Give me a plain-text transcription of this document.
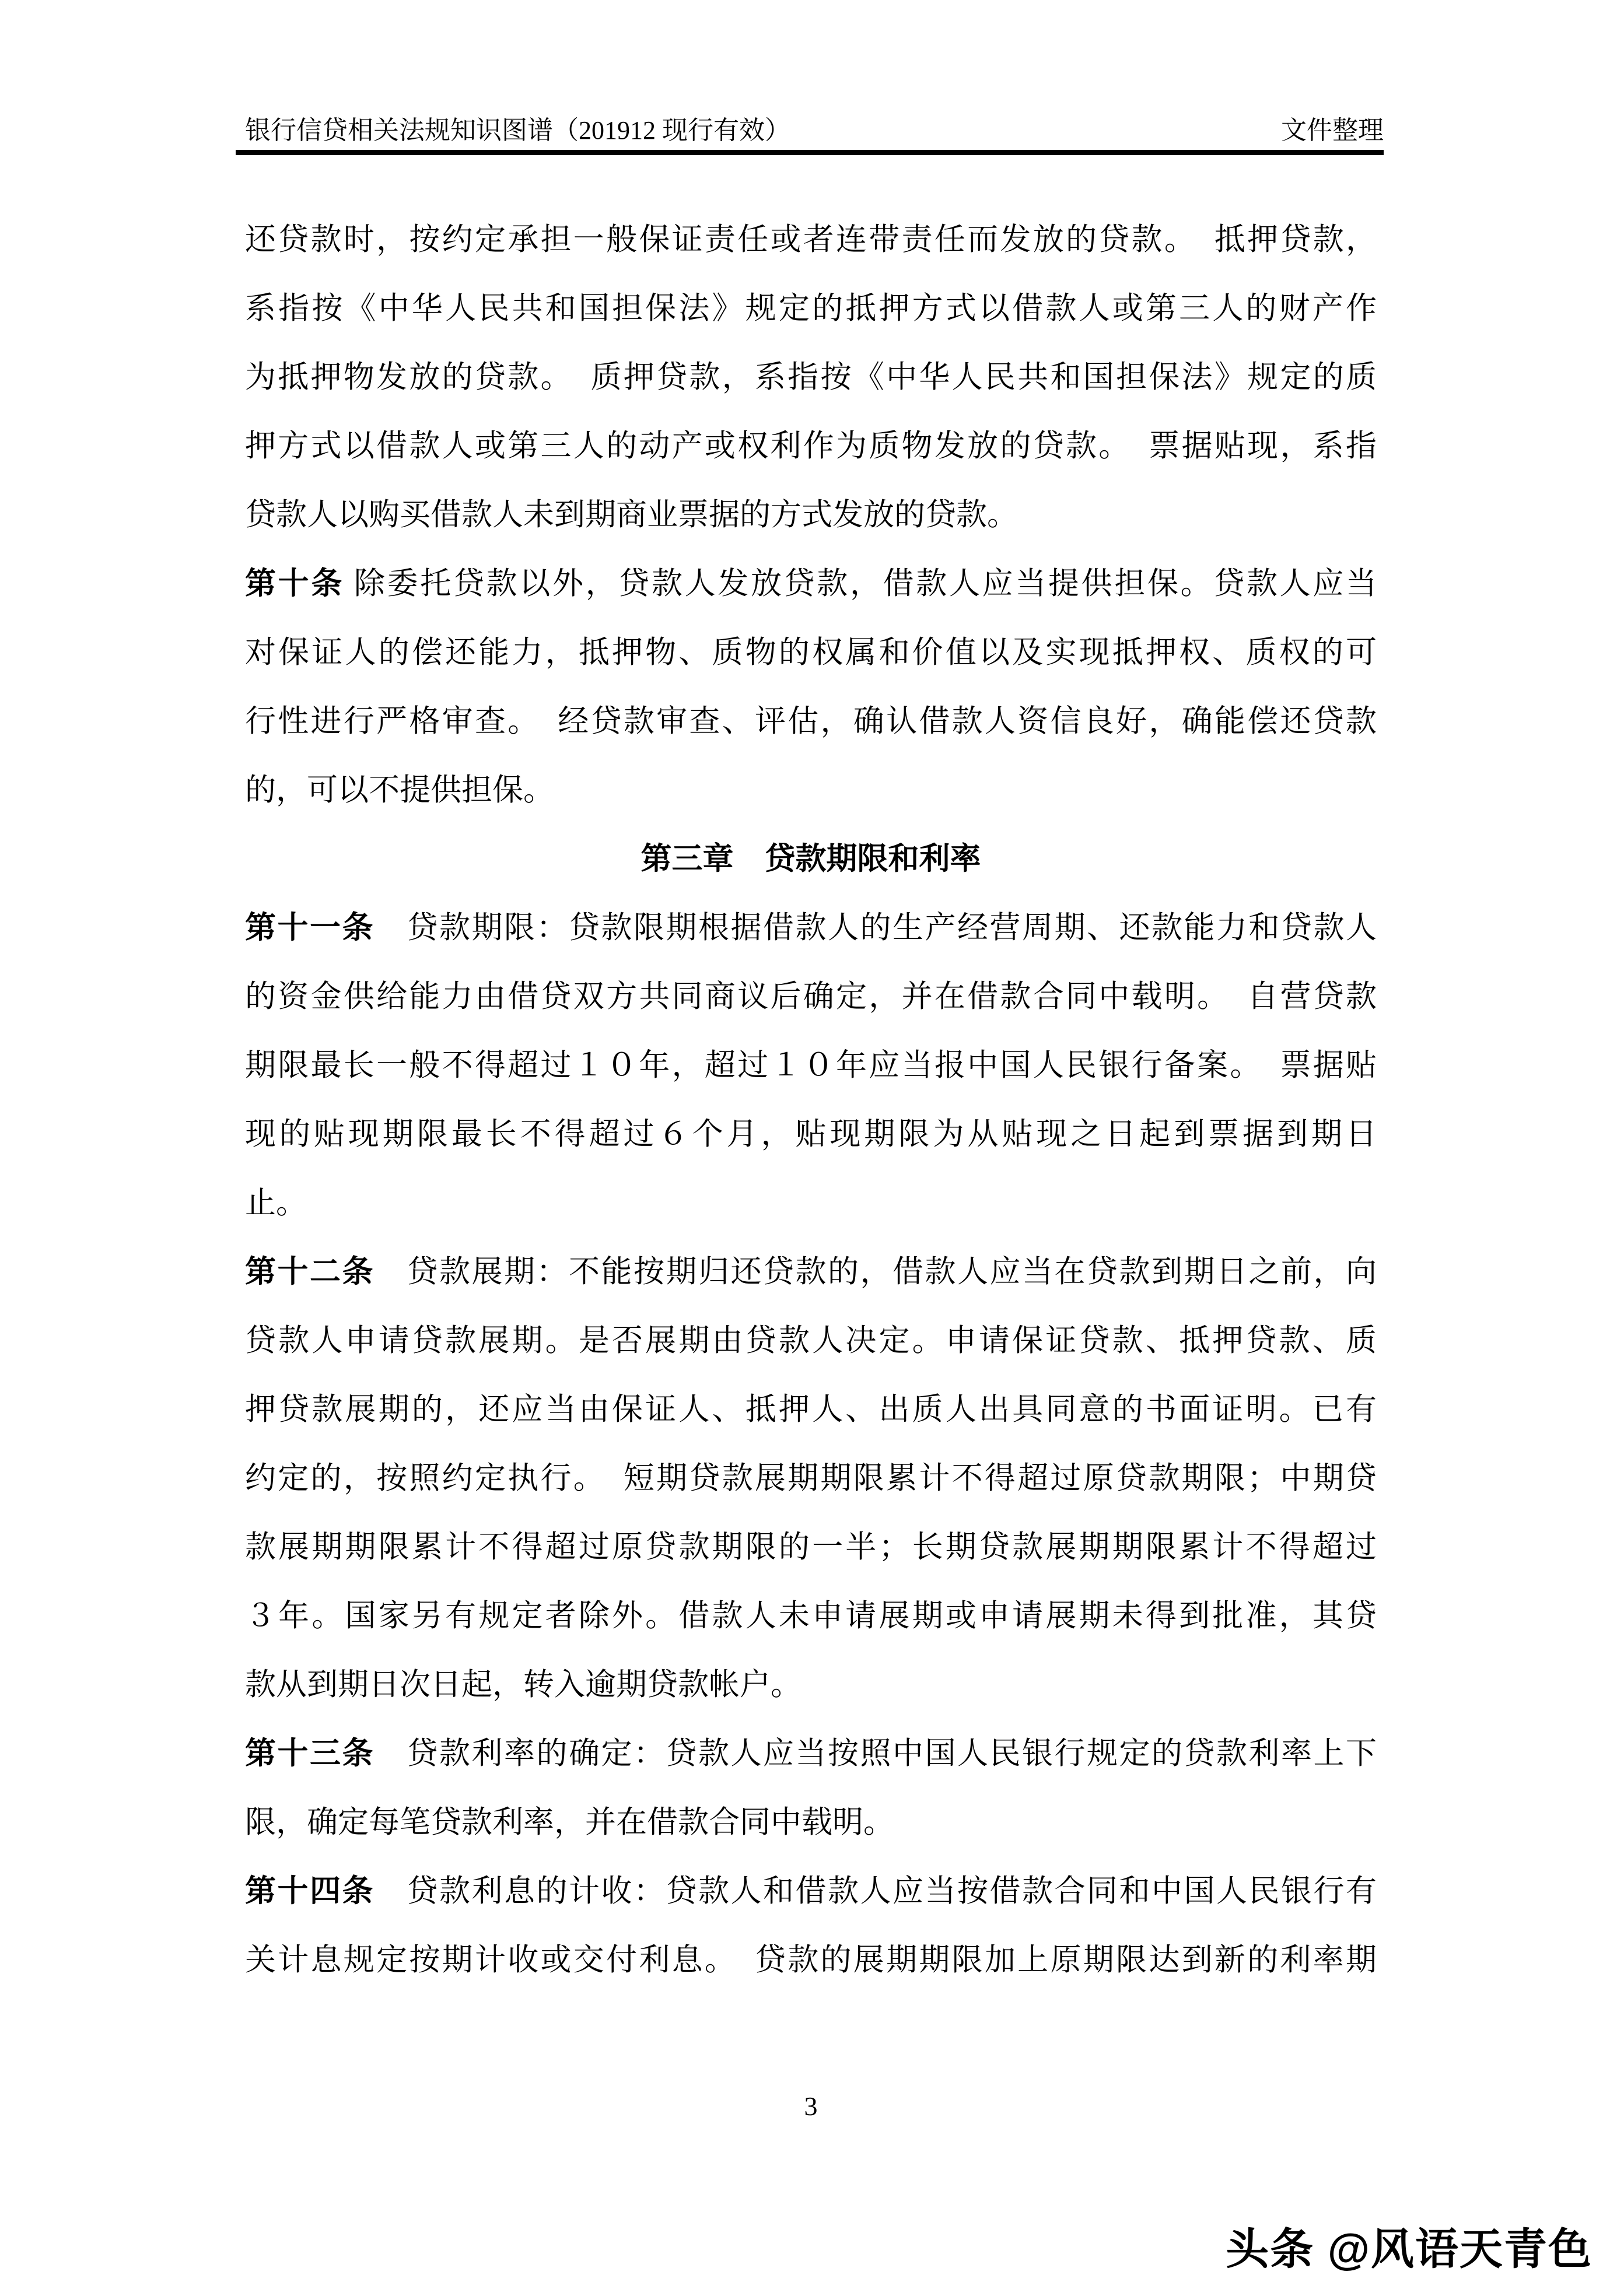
银行信贷相关法规知识图谱（201912 现行有效）	文件整理
还贷款时，按约定承担一般保证责任或者连带责任而发放的贷款。　抵押贷款，
系指按《中华人民共和国担保法》规定的抵押方式以借款人或第三人的财产作
为抵押物发放的贷款。　质押贷款，系指按《中华人民共和国担保法》规定的质
押方式以借款人或第三人的动产或权利作为质物发放的贷款。　票据贴现，系指
贷款人以购买借款人未到期商业票据的方式发放的贷款。
第十条 除委托贷款以外，贷款人发放贷款，借款人应当提供担保。贷款人应当
对保证人的偿还能力，抵押物、质物的权属和价值以及实现抵押权、质权的可
行性进行严格审查。　经贷款审查、评估，确认借款人资信良好，确能偿还贷款
的，可以不提供担保。
第三章　贷款期限和利率
第十一条　贷款期限：贷款限期根据借款人的生产经营周期、还款能力和贷款人
的资金供给能力由借贷双方共同商议后确定，并在借款合同中载明。　自营贷款
期限最长一般不得超过１０年，超过１０年应当报中国人民银行备案。　票据贴
现的贴现期限最长不得超过６个月，贴现期限为从贴现之日起到票据到期日
止。
第十二条　贷款展期：不能按期归还贷款的，借款人应当在贷款到期日之前，向
贷款人申请贷款展期。是否展期由贷款人决定。申请保证贷款、抵押贷款、质
押贷款展期的，还应当由保证人、抵押人、出质人出具同意的书面证明。已有
约定的，按照约定执行。　短期贷款展期期限累计不得超过原贷款期限；中期贷
款展期期限累计不得超过原贷款期限的一半；长期贷款展期期限累计不得超过
３年。国家另有规定者除外。借款人未申请展期或申请展期未得到批准，其贷
款从到期日次日起，转入逾期贷款帐户。
第十三条　贷款利率的确定：贷款人应当按照中国人民银行规定的贷款利率上下
限，确定每笔贷款利率，并在借款合同中载明。
第十四条　贷款利息的计收：贷款人和借款人应当按借款合同和中国人民银行有
关计息规定按期计收或交付利息。　贷款的展期期限加上原期限达到新的利率期
3
头条 @风语天青色
